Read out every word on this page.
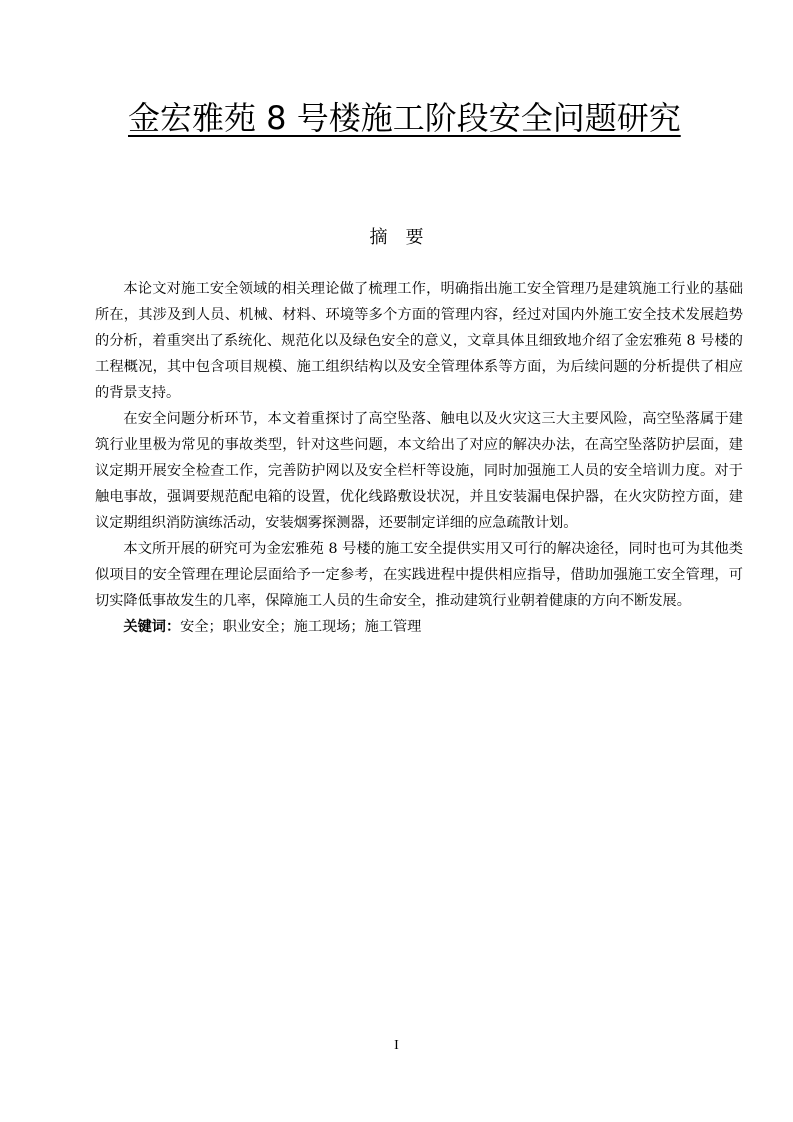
金宏雅苑 8 号楼施工阶段安全问题研究
摘 要

本论文对施工安全领域的相关理论做了梳理工作，明确指出施工安全管理乃是建筑施工行业的基础所在，其涉及到人员、机械、材料、环境等多个方面的管理内容，经过对国内外施工安全技术发展趋势的分析，着重突出了系统化、规范化以及绿色安全的意义，文章具体且细致地介绍了金宏雅苑 8 号楼的工程概况，其中包含项目规模、施工组织结构以及安全管理体系等方面，为后续问题的分析提供了相应的背景支持。

在安全问题分析环节，本文着重探讨了高空坠落、触电以及火灾这三大主要风险，高空坠落属于建筑行业里极为常见的事故类型，针对这些问题，本文给出了对应的解决办法，在高空坠落防护层面，建议定期开展安全检查工作，完善防护网以及安全栏杆等设施，同时加强施工人员的安全培训力度。对于触电事故，强调要规范配电箱的设置，优化线路敷设状况，并且安装漏电保护器，在火灾防控方面，建议定期组织消防演练活动，安装烟雾探测器，还要制定详细的应急疏散计划。

本文所开展的研究可为金宏雅苑 8 号楼的施工安全提供实用又可行的解决途径，同时也可为其他类似项目的安全管理在理论层面给予一定参考，在实践进程中提供相应指导，借助加强施工安全管理，可切实降低事故发生的几率，保障施工人员的生命安全，推动建筑行业朝着健康的方向不断发展。

关键词：安全；职业安全；施工现场；施工管理

I
